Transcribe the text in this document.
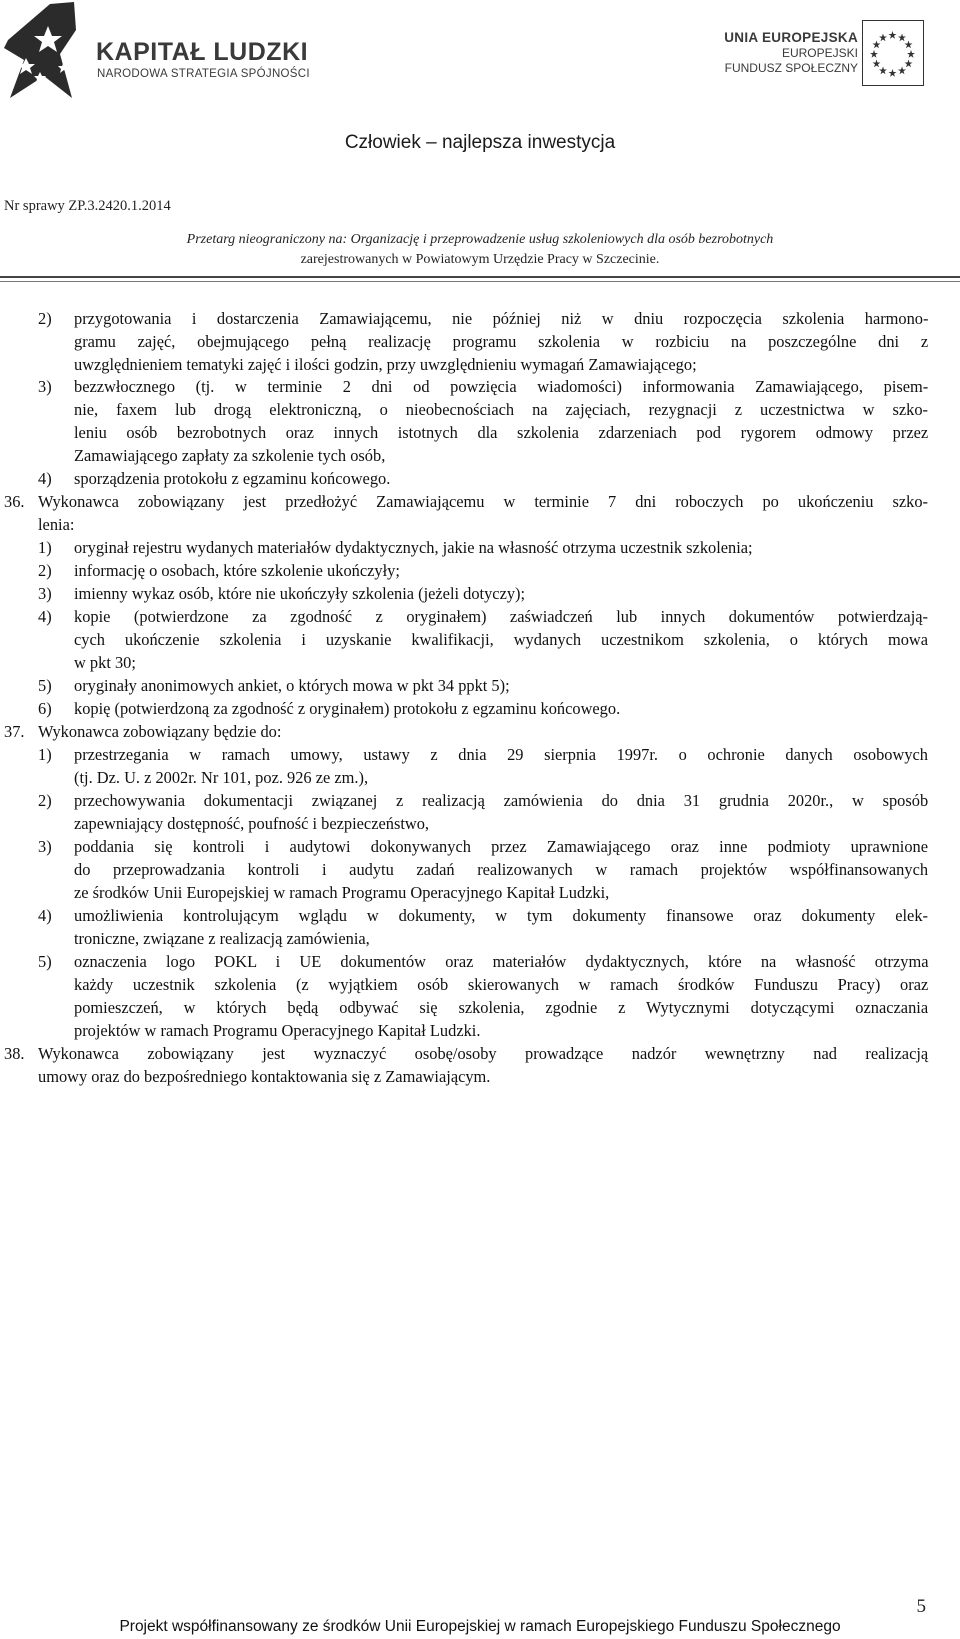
KAPITAŁ LUDZKI
NARODOWA STRATEGIA SPÓJNOŚCI
UNIA EUROPEJSKA
EUROPEJSKI
FUNDUSZ SPOŁECZNY
Człowiek – najlepsza inwestycja
Nr sprawy ZP.3.2420.1.2014
Przetarg nieograniczony na: Organizację i przeprowadzenie usług szkoleniowych dla osób bezrobotnych
zarejestrowanych w Powiatowym Urzędzie Pracy w Szczecinie.
2) przygotowania i dostarczenia Zamawiającemu, nie później niż w dniu rozpoczęcia szkolenia harmono-
gramu zajęć, obejmującego pełną realizację programu szkolenia w rozbiciu na poszczególne dni z
uwzględnieniem tematyki zajęć i ilości godzin, przy uwzględnieniu wymagań Zamawiającego;
3) bezzwłocznego (tj. w terminie 2 dni od powzięcia wiadomości) informowania Zamawiającego, pisem-
nie, faxem lub drogą elektroniczną, o nieobecnościach na zajęciach, rezygnacji z uczestnictwa w szko-
leniu osób bezrobotnych oraz innych istotnych dla szkolenia zdarzeniach pod rygorem odmowy przez
Zamawiającego zapłaty za szkolenie tych osób,
4) sporządzenia protokołu z egzaminu końcowego.
36. Wykonawca zobowiązany jest przedłożyć Zamawiającemu w terminie 7 dni roboczych po ukończeniu szko-
lenia:
1) oryginał rejestru wydanych materiałów dydaktycznych, jakie na własność otrzyma uczestnik szkolenia;
2) informację o osobach, które szkolenie ukończyły;
3) imienny wykaz osób, które nie ukończyły szkolenia (jeżeli dotyczy);
4) kopie (potwierdzone za zgodność z oryginałem) zaświadczeń lub innych dokumentów potwierdzają-
cych ukończenie szkolenia i uzyskanie kwalifikacji, wydanych uczestnikom szkolenia, o których mowa
w pkt 30;
5) oryginały anonimowych ankiet, o których mowa w pkt 34 ppkt 5);
6) kopię (potwierdzoną za zgodność z oryginałem) protokołu z egzaminu końcowego.
37. Wykonawca zobowiązany będzie do:
1) przestrzegania w ramach umowy, ustawy z dnia 29 sierpnia 1997r. o ochronie danych osobowych
(tj. Dz. U. z 2002r. Nr 101, poz. 926 ze zm.),
2) przechowywania dokumentacji związanej z realizacją zamówienia do dnia 31 grudnia 2020r., w sposób
zapewniający dostępność, poufność i bezpieczeństwo,
3) poddania się kontroli i audytowi dokonywanych przez Zamawiającego oraz inne podmioty uprawnione
do przeprowadzania kontroli i audytu zadań realizowanych w ramach projektów współfinansowanych
ze środków Unii Europejskiej w ramach Programu Operacyjnego Kapitał Ludzki,
4) umożliwienia kontrolującym wglądu w dokumenty, w tym dokumenty finansowe oraz dokumenty elek-
troniczne, związane z realizacją zamówienia,
5) oznaczenia logo POKL i UE dokumentów oraz materiałów dydaktycznych, które na własność otrzyma
każdy uczestnik szkolenia (z wyjątkiem osób skierowanych w ramach środków Funduszu Pracy) oraz
pomieszczeń, w których będą odbywać się szkolenia, zgodnie z Wytycznymi dotyczącymi oznaczania
projektów w ramach Programu Operacyjnego Kapitał Ludzki.
38. Wykonawca zobowiązany jest wyznaczyć osobę/osoby prowadzące nadzór wewnętrzny nad realizacją
umowy oraz do bezpośredniego kontaktowania się z Zamawiającym.
5
Projekt współfinansowany ze środków Unii Europejskiej w ramach Europejskiego Funduszu Społecznego
